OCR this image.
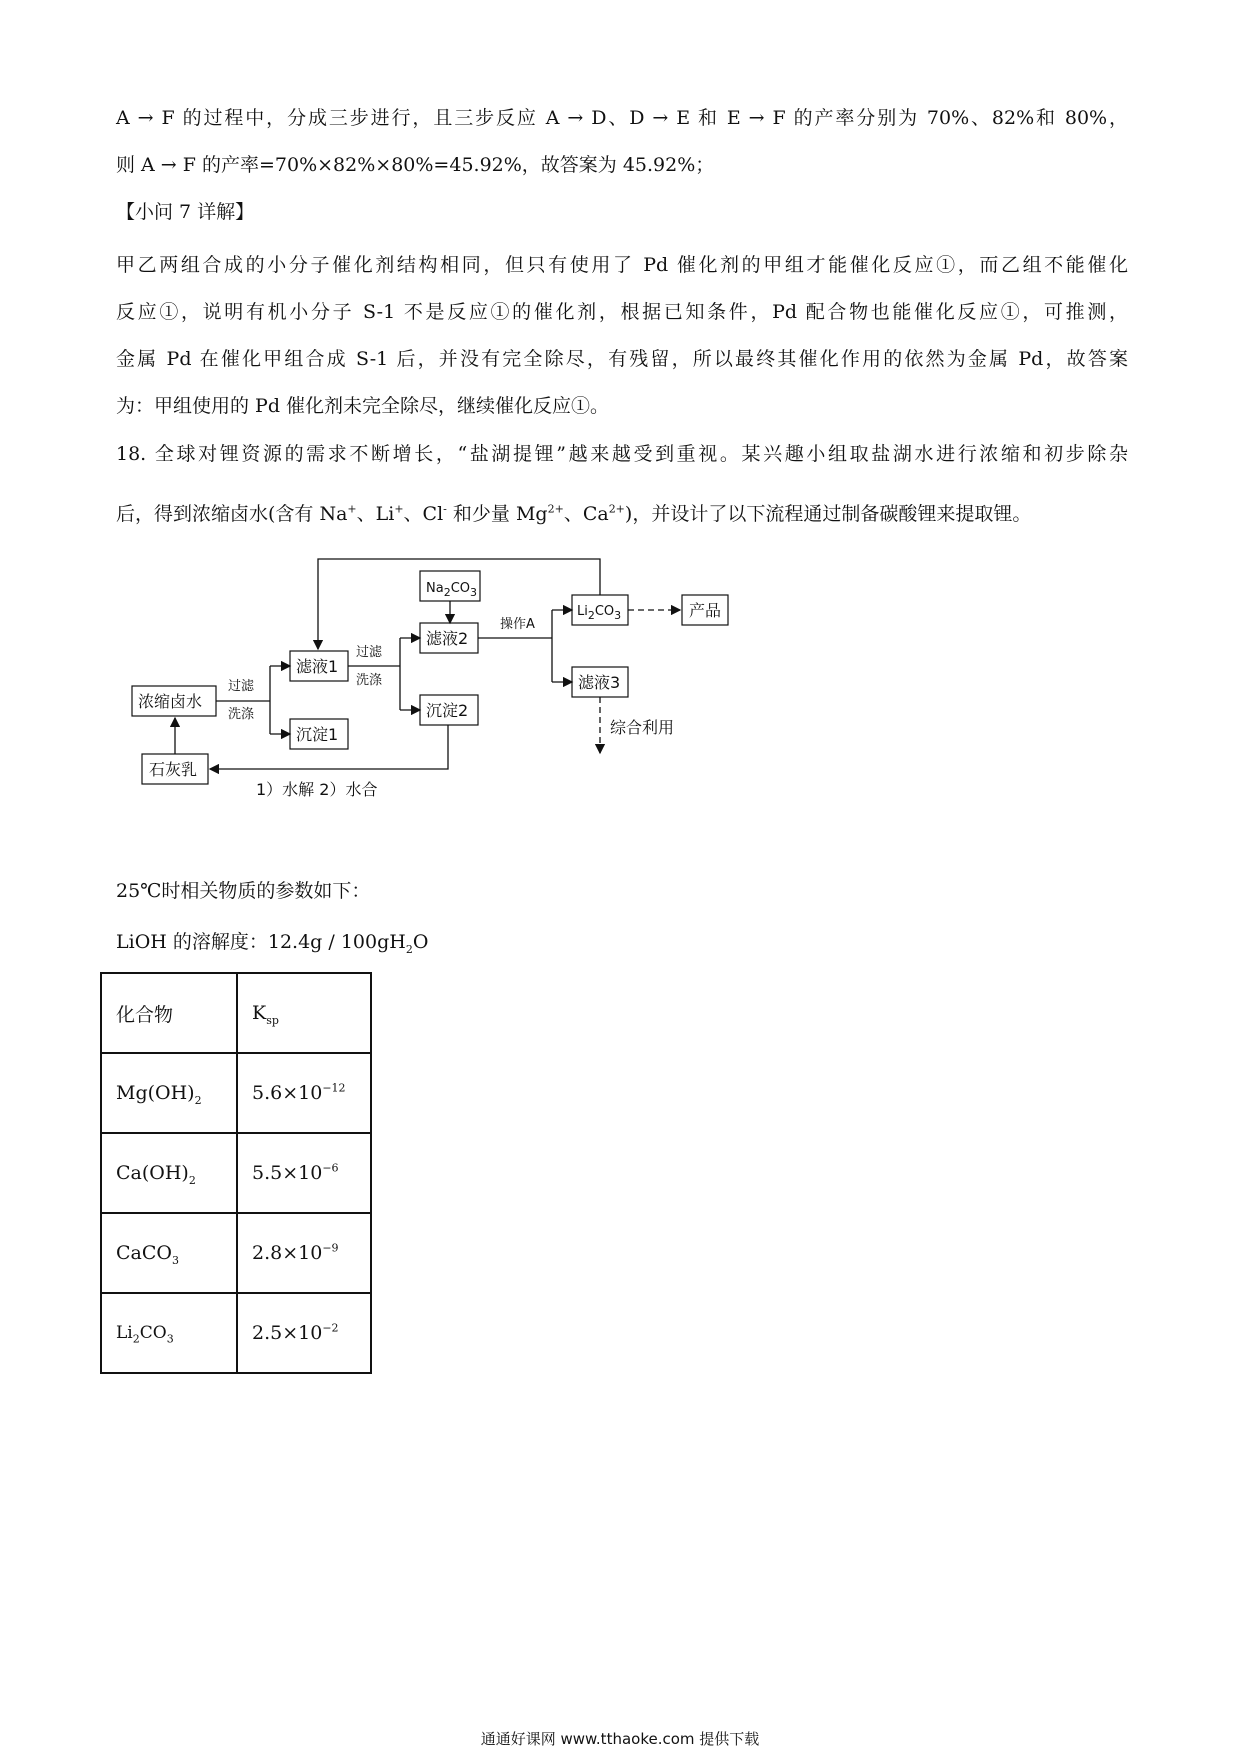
A → F 的过程中，分成三步进行，且三步反应 A → D、D → E 和 E → F 的产率分别为 70%、82%和 80%，
则 A → F 的产率=70%×82%×80%=45.92%，故答案为 45.92%；
【小问 7 详解】
甲乙两组合成的小分子催化剂结构相同，但只有使用了 Pd 催化剂的甲组才能催化反应①，而乙组不能催化
反应①，说明有机小分子 S-1 不是反应①的催化剂，根据已知条件，Pd 配合物也能催化反应①，可推测，
金属 Pd 在催化甲组合成 S-1 后，并没有完全除尽，有残留，所以最终其催化作用的依然为金属 Pd，故答案
为：甲组使用的 Pd 催化剂未完全除尽，继续催化反应①。
18. 全球对锂资源的需求不断增长，“盐湖提锂”越来越受到重视。某兴趣小组取盐湖水进行浓缩和初步除杂
后，得到浓缩卤水(含有 Na+、Li+、Cl- 和少量 $Mg^{2+}$、$Ca^{2+}$)，并设计了以下流程通过制备碳酸锂来提取锂。
浓缩卤水
石灰乳
滤液1
沉淀1
$Na_2CO_3$
滤液2
沉淀2
$Li_2CO_3$	产品
滤液3
过滤
洗涤
过滤
洗涤
操作A
综合利用
1）水解 2）水合
25℃时相关物质的参数如下：
LiOH 的溶解度：$12.4g / 100gH_2O$
化合物	$K_{sp}$
$Mg(OH)_2$	$5.6\times 10^{-12}$
$Ca(OH)_2$	$5.5\times 10^{-6}$
CaCO$_3$	$2.8\times 10^{-9}$
$Li_2CO_3$	$2.5\times 10^{-2}$
通通好课网 www.tthaoke.com 提供下载
